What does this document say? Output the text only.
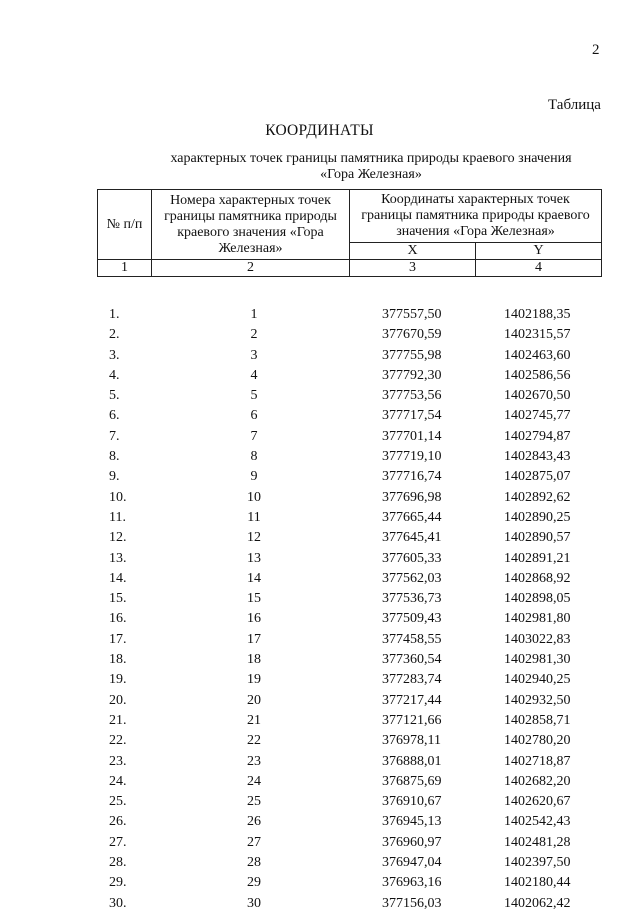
2
Таблица
КООРДИНАТЫ
характерных точек границы памятника природы краевого значения
«Гора Железная»
№ п/п	Номера характерных точек границы памятника природы краевого значения «Гора Железная»	Координаты характерных точек границы памятника природы краевого значения «Гора Железная»	
		X	Y
1	2	3	4
1.	1	377557,50	1402188,35
2.	2	377670,59	1402315,57
3.	3	377755,98	1402463,60
4.	4	377792,30	1402586,56
5.	5	377753,56	1402670,50
6.	6	377717,54	1402745,77
7.	7	377701,14	1402794,87
8.	8	377719,10	1402843,43
9.	9	377716,74	1402875,07
10.	10	377696,98	1402892,62
11.	11	377665,44	1402890,25
12.	12	377645,41	1402890,57
13.	13	377605,33	1402891,21
14.	14	377562,03	1402868,92
15.	15	377536,73	1402898,05
16.	16	377509,43	1402981,80
17.	17	377458,55	1403022,83
18.	18	377360,54	1402981,30
19.	19	377283,74	1402940,25
20.	20	377217,44	1402932,50
21.	21	377121,66	1402858,71
22.	22	376978,11	1402780,20
23.	23	376888,01	1402718,87
24.	24	376875,69	1402682,20
25.	25	376910,67	1402620,67
26.	26	376945,13	1402542,43
27.	27	376960,97	1402481,28
28.	28	376947,04	1402397,50
29.	29	376963,16	1402180,44
30.	30	377156,03	1402062,42
